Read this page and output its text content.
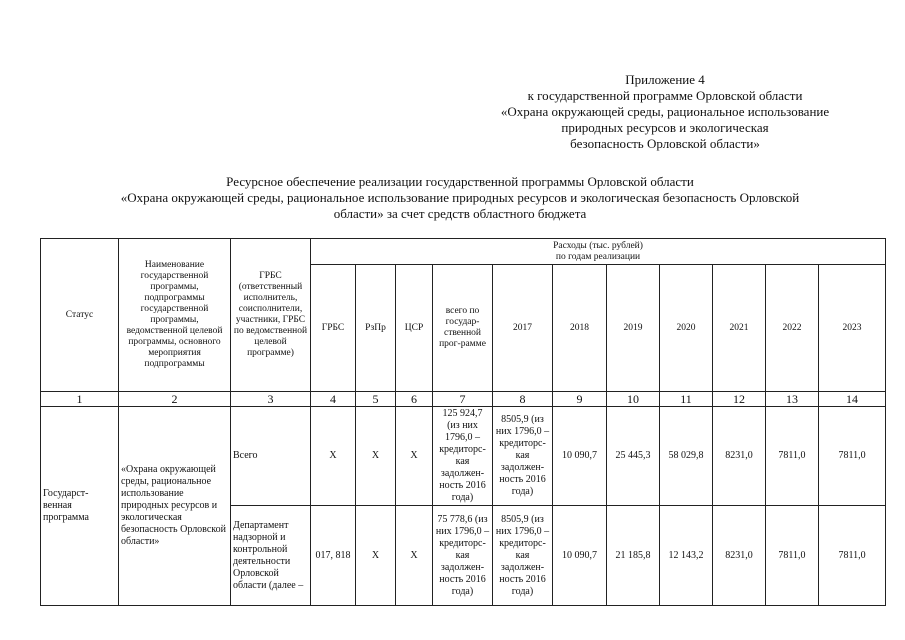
Приложение 4
к государственной программе Орловской области
«Охрана окружающей среды, рациональное использование
природных ресурсов и экологическая
безопасность Орловской области»
Ресурсное обеспечение реализации государственной программы Орловской области
«Охрана окружающей среды, рациональное использование природных ресурсов и экологическая безопасность Орловской
области» за счет средств областного бюджета
Статус	Наименование государственной программы, подпрограммы государственной программы, ведомственной целевой программы, основного мероприятия подпрограммы	ГРБС (ответственный исполнитель, соисполнители, участники, ГРБС по ведомственной целевой программе)	Расходы (тыс. рублей)
по годам реализации										

			ГРБС	РзПр	ЦСР	всего по государ-ственной прог-рамме	2017	2018	2019	2020	2021	2022	2023
1	2	3	4	5	6	7	8	9	10	11	12	13	14
Государст-венная программа	«Охрана окружающей среды, рациональное использование природных ресурсов и экологическая безопасность Орловской области»	Всего	Х	Х	Х	125 924,7 (из них 1796,0 – кредиторс-кая задолжен-ность 2016 года)	8505,9 (из них 1796,0 – кредиторс-кая задолжен-ность 2016 года)	10 090,7	25 445,3	58 029,8	8231,0	7811,0	7811,0
		Департамент надзорной и контрольной деятельности Орловской области (далее –	017, 818	Х	Х	75 778,6 (из них 1796,0 – кредиторс-кая задолжен-ность 2016 года)	8505,9 (из них 1796,0 – кредиторс-кая задолжен-ность 2016 года)	10 090,7	21 185,8	12 143,2	8231,0	7811,0	7811,0
